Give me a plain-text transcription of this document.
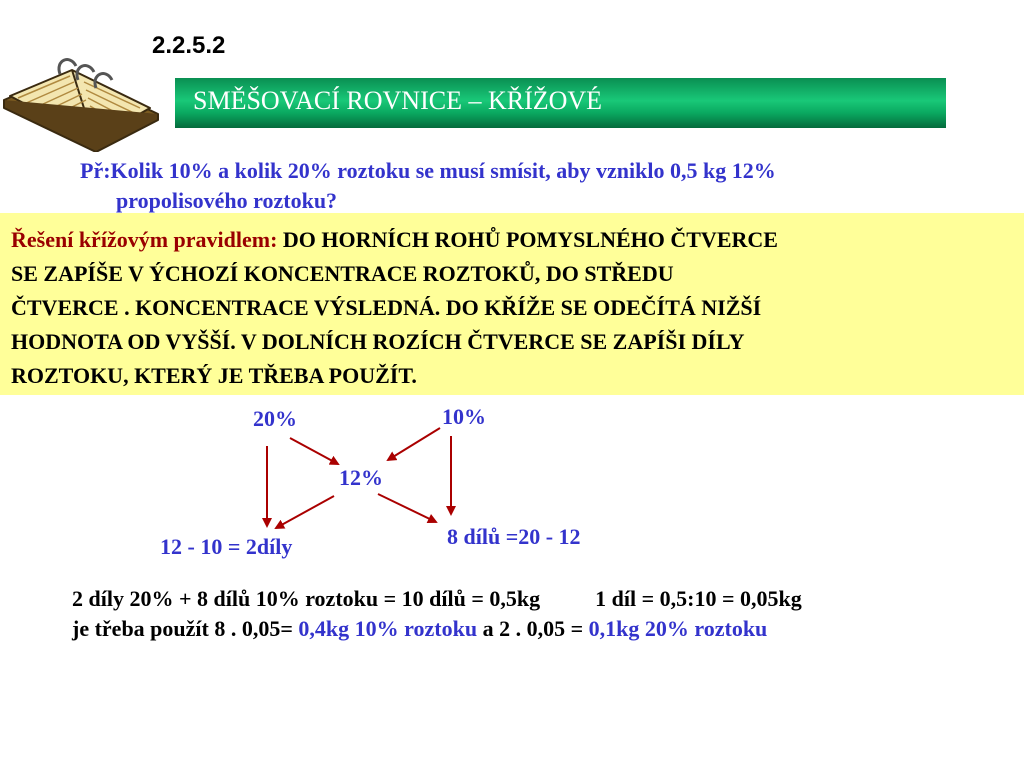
2.2.5.2
SMĚŠOVACÍ ROVNICE – KŘÍŽOVÉ
Př:Kolik 10% a kolik 20% roztoku se musí smísit, aby vzniklo 0,5 kg 12%
propolisového roztoku?
Řešení křížovým pravidlem: DO HORNÍCH ROHŮ POMYSLNÉHO ČTVERCE
SE ZAPÍŠE V ÝCHOZÍ KONCENTRACE ROZTOKŮ, DO STŘEDU
ČTVERCE . KONCENTRACE VÝSLEDNÁ. DO KŘÍŽE SE ODEČÍTÁ NIŽŠÍ
HODNOTA OD VYŠŠÍ. V DOLNÍCH ROZÍCH ČTVERCE SE ZAPÍŠI DÍLY
ROZTOKU, KTERÝ JE TŘEBA POUŽÍT.
20%	10%
12%
12 - 10 = 2díly	8 dílů =20 - 12
2 díly 20% + 8 dílů 10% roztoku = 10 dílů = 0,5kg	1 díl = 0,5:10 = 0,05kg
je třeba použít 8 . 0,05= 0,4kg 10% roztoku a 2 . 0,05 = 0,1kg 20% roztoku
